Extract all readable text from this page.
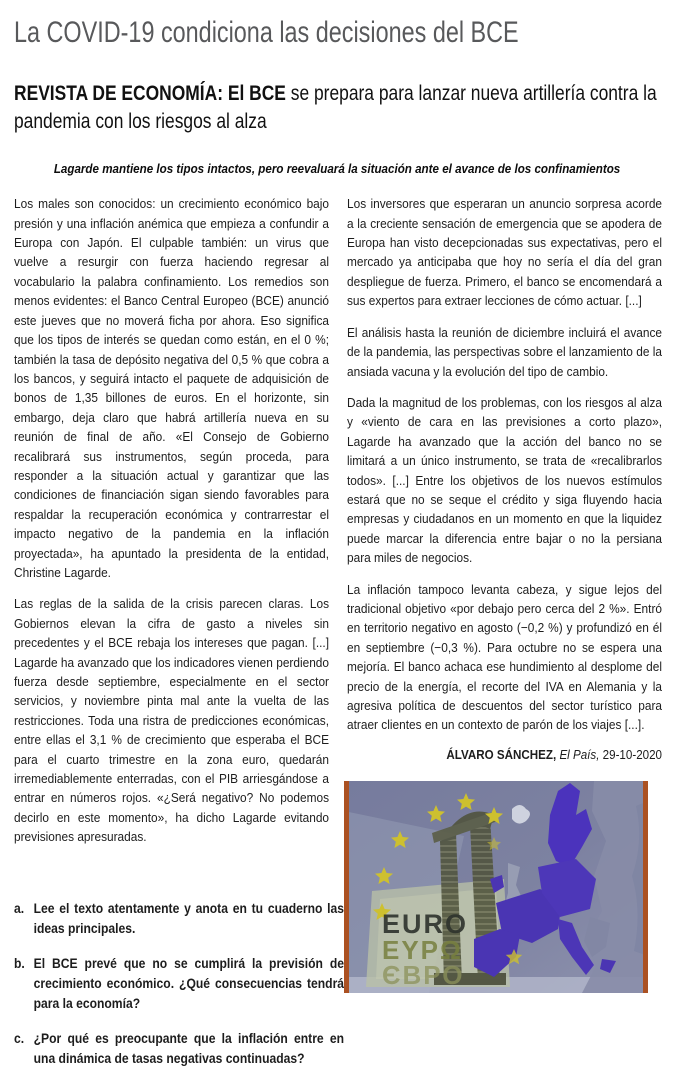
La COVID-19 condiciona las decisiones del BCE
REVISTA DE ECONOMÍA: El BCE se prepara para lanzar nueva artillería contra la pandemia con los riesgos al alza

Lagarde mantiene los tipos intactos, pero reevaluará la situación ante el avance de los confinamientos

Los males son conocidos: un crecimiento económico bajo presión y una inflación anémica que empieza a confundir a Europa con Japón. El culpable también: un virus que vuelve a resurgir con fuerza haciendo regresar al vocabulario la palabra confinamiento. Los remedios son menos evidentes: el Banco Central Europeo (BCE) anunció este jueves que no moverá ficha por ahora. Eso significa que los tipos de interés se quedan como están, en el 0 %; también la tasa de depósito negativa del 0,5 % que cobra a los bancos, y seguirá intacto el paquete de adquisición de bonos de 1,35 billones de euros. En el horizonte, sin embargo, deja claro que habrá artillería nueva en su reunión de final de año. «El Consejo de Gobierno recalibrará sus instrumentos, según proceda, para responder a la situación actual y garantizar que las condiciones de financiación sigan siendo favorables para respaldar la recuperación económica y contrarrestar el impacto negativo de la pandemia en la inflación proyectada», ha apuntado la presidenta de la entidad, Christine Lagarde.

Las reglas de la salida de la crisis parecen claras. Los Gobiernos elevan la cifra de gasto a niveles sin precedentes y el BCE rebaja los intereses que pagan. [...] Lagarde ha avanzado que los indicadores vienen perdiendo fuerza desde septiembre, especialmente en el sector servicios, y noviembre pinta mal ante la vuelta de las restricciones. Toda una ristra de predicciones económicas, entre ellas el 3,1 % de crecimiento que esperaba el BCE para el cuarto trimestre en la zona euro, quedarán irremediablemente enterradas, con el PIB arriesgándose a entrar en números rojos. «¿Será negativo? No podemos decirlo en este momento», ha dicho Lagarde evitando previsiones apresuradas.

Los inversores que esperaran un anuncio sorpresa acorde a la creciente sensación de emergencia que se apodera de Europa han visto decepcionadas sus expectativas, pero el mercado ya anticipaba que hoy no sería el día del gran despliegue de fuerza. Primero, el banco se encomendará a sus expertos para extraer lecciones de cómo actuar. [...]

El análisis hasta la reunión de diciembre incluirá el avance de la pandemia, las perspectivas sobre el lanzamiento de la ansiada vacuna y la evolución del tipo de cambio.

Dada la magnitud de los problemas, con los riesgos al alza y «viento de cara en las previsiones a corto plazo», Lagarde ha avanzado que la acción del banco no se limitará a un único instrumento, se trata de «recalibrarlos todos». [...] Entre los objetivos de los nuevos estímulos estará que no se seque el crédito y siga fluyendo hacia empresas y ciudadanos en un momento en que la liquidez puede marcar la diferencia entre bajar o no la persiana para miles de negocios.

La inflación tampoco levanta cabeza, y sigue lejos del tradicional objetivo «por debajo pero cerca del 2 %». Entró en territorio negativo en agosto (−0,2 %) y profundizó en él en septiembre (−0,3 %). Para octubre no se espera una mejoría. El banco achaca ese hundimiento al desplome del precio de la energía, el recorte del IVA en Alemania y la agresiva política de descuentos del sector turístico para atraer clientes en un contexto de parón de los viajes [...].

ÁLVARO SÁNCHEZ, El País, 29-10-2020
a. Lee el texto atentamente y anota en tu cuaderno las ideas principales.
b. El BCE prevé que no se cumplirá la previsión de crecimiento económico. ¿Qué consecuencias tendrá para la economía?
c. ¿Por qué es preocupante que la inflación entre en una dinámica de tasas negativas continuadas?
EURO
ΕΥΡΩ
ЄВРО
